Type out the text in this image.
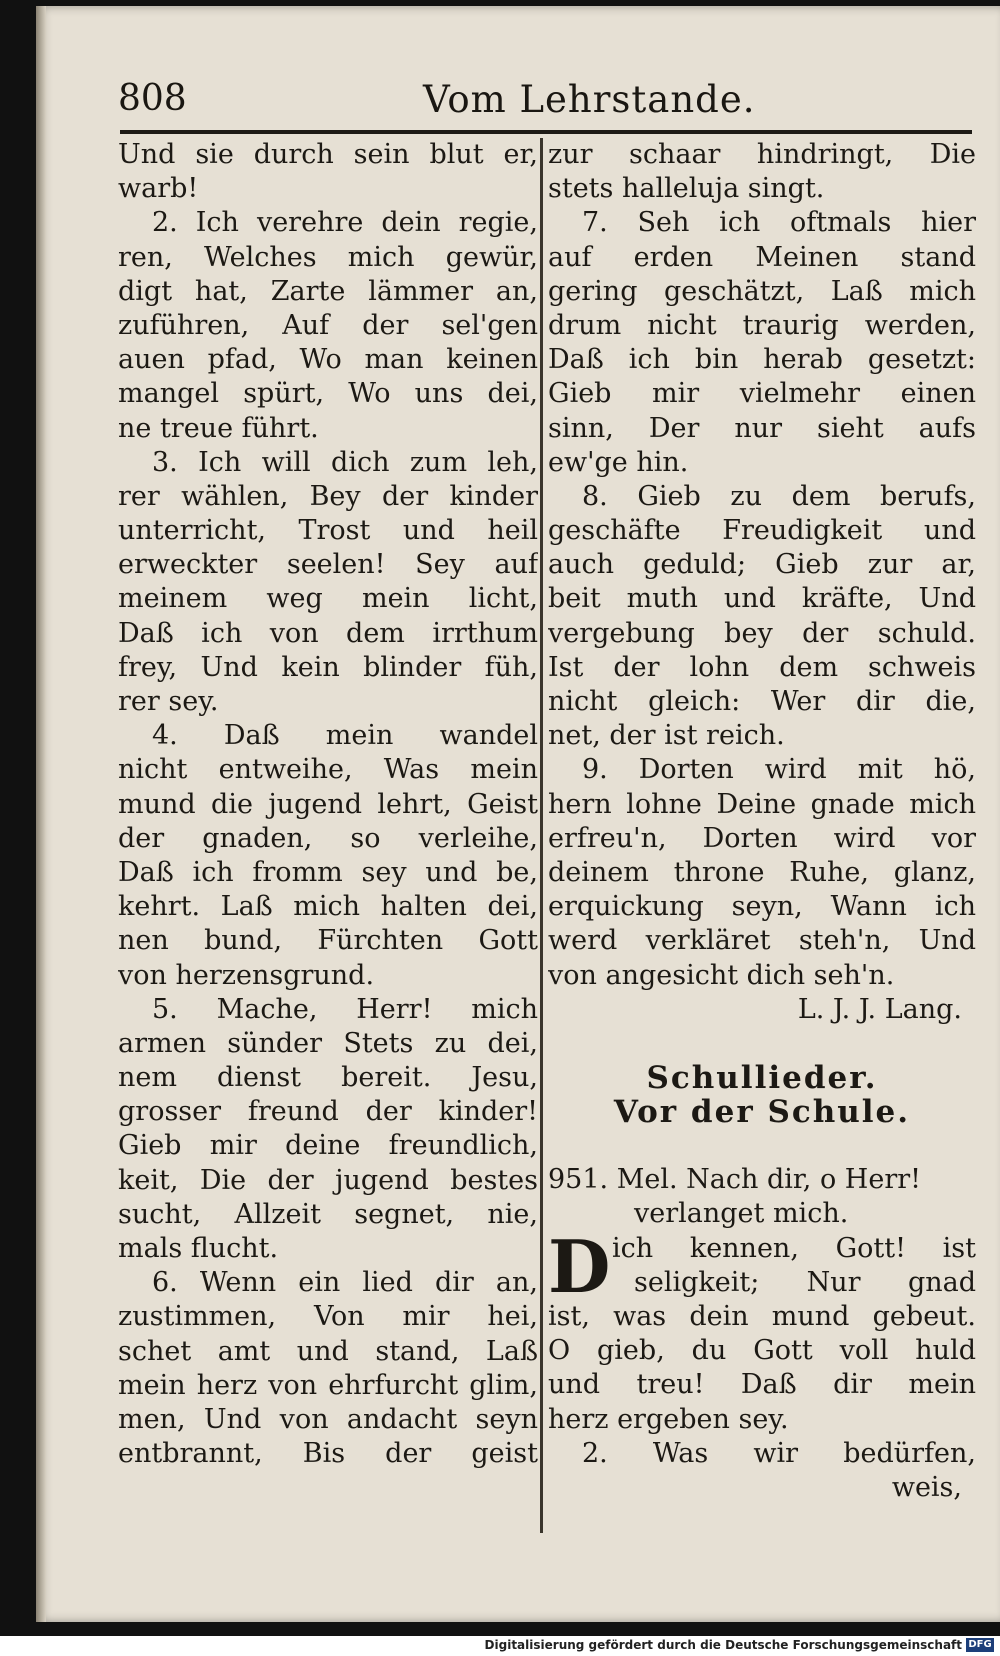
808	Vom Lehrstande.
Und sie durch sein blut er,
warb!
2. Ich verehre dein regie,
ren, Welches mich gewür,
digt hat, Zarte lämmer an,
zuführen, Auf der sel'gen
auen pfad, Wo man keinen
mangel spürt, Wo uns dei,
ne treue führt.
3. Ich will dich zum leh,
rer wählen, Bey der kinder
unterricht, Trost und heil
erweckter seelen! Sey auf
meinem weg mein licht,
Daß ich von dem irrthum
frey, Und kein blinder füh,
rer sey.
4. Daß mein wandel
nicht entweihe, Was mein
mund die jugend lehrt, Geist
der gnaden, so verleihe,
Daß ich fromm sey und be,
kehrt. Laß mich halten dei,
nen bund, Fürchten Gott
von herzensgrund.
5. Mache, Herr! mich
armen sünder Stets zu dei,
nem dienst bereit. Jesu,
grosser freund der kinder!
Gieb mir deine freundlich,
keit, Die der jugend bestes
sucht, Allzeit segnet, nie,
mals flucht.
6. Wenn ein lied dir an,
zustimmen, Von mir hei,
schet amt und stand, Laß
mein herz von ehrfurcht glim,
men, Und von andacht seyn
entbrannt, Bis der geist
zur schaar hindringt, Die
stets halleluja singt.
7. Seh ich oftmals hier
auf erden Meinen stand
gering geschätzt, Laß mich
drum nicht traurig werden,
Daß ich bin herab gesetzt:
Gieb mir vielmehr einen
sinn, Der nur sieht aufs
ew'ge hin.
8. Gieb zu dem berufs,
geschäfte Freudigkeit und
auch geduld; Gieb zur ar,
beit muth und kräfte, Und
vergebung bey der schuld.
Ist der lohn dem schweis
nicht gleich: Wer dir die,
net, der ist reich.
9. Dorten wird mit hö,
hern lohne Deine gnade mich
erfreu'n, Dorten wird vor
deinem throne Ruhe, glanz,
erquickung seyn, Wann ich
werd verkläret steh'n, Und
von angesicht dich seh'n.
L. J. J. Lang.
Schullieder.
Vor der Schule.
951. Mel. Nach dir, o Herr!
verlanget mich.
D ich kennen, Gott! ist
seligkeit; Nur gnad
ist, was dein mund gebeut.
O gieb, du Gott voll huld
und treu! Daß dir mein
herz ergeben sey.
2. Was wir bedürfen,
weis,
Digitalisierung gefördert durch die Deutsche Forschungsgemeinschaft DFG
